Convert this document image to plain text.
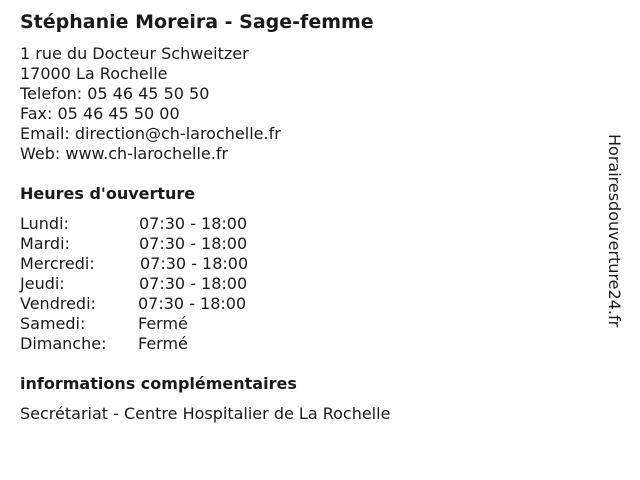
Stéphanie Moreira - Sage-femme
1 rue du Docteur Schweitzer
17000 La Rochelle
Telefon: 05 46 45 50 50
Fax: 05 46 45 50 00
Email: direction@ch-larochelle.fr
Web: www.ch-larochelle.fr
Heures d'ouverture
Lundi:	07:30 - 18:00
Mardi:	07:30 - 18:00
Mercredi:	07:30 - 18:00
Jeudi:	07:30 - 18:00
Vendredi:	07:30 - 18:00
Samedi:	Fermé
Dimanche: Fermé
informations complémentaires
Secrétariat - Centre Hospitalier de La Rochelle
Horairesdouverture24.fr
